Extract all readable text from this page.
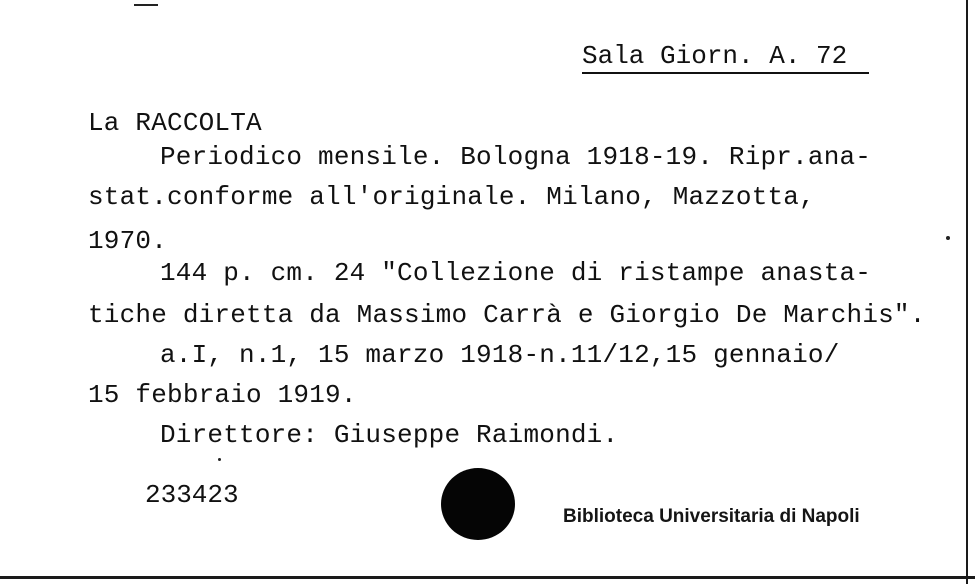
Sala Giorn. A. 72
La RACCOLTA
Periodico mensile. Bologna 1918-19. Ripr.ana-
stat.conforme all'originale. Milano, Mazzotta,
1970.
144 p. cm. 24 "Collezione di ristampe anasta-
tiche diretta da Massimo Carrà e Giorgio De Marchis".
a.I, n.1, 15 marzo 1918-n.11/12,15 gennaio/
15 febbraio 1919.
Direttore: Giuseppe Raimondi.
233423
Biblioteca Universitaria di Napoli
